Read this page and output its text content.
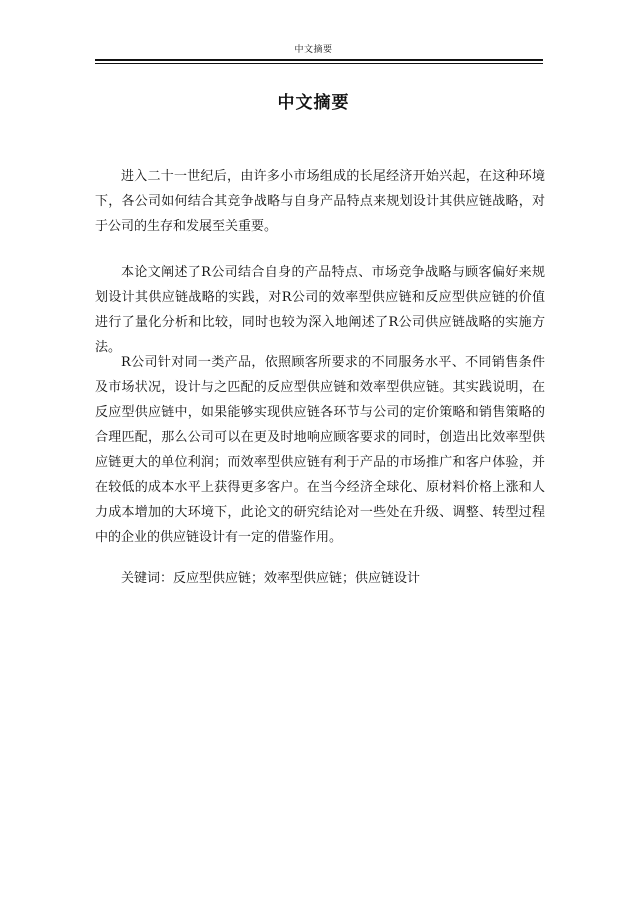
中文摘要
中文摘要

进入二十一世纪后，由许多小市场组成的长尾经济开始兴起，在这种环境下，各公司如何结合其竞争战略与自身产品特点来规划设计其供应链战略，对于公司的生存和发展至关重要。

本论文阐述了R公司结合自身的产品特点、市场竞争战略与顾客偏好来规划设计其供应链战略的实践，对R公司的效率型供应链和反应型供应链的价值进行了量化分析和比较，同时也较为深入地阐述了R公司供应链战略的实施方法。

R公司针对同一类产品，依照顾客所要求的不同服务水平、不同销售条件及市场状况，设计与之匹配的反应型供应链和效率型供应链。其实践说明，在反应型供应链中，如果能够实现供应链各环节与公司的定价策略和销售策略的合理匹配，那么公司可以在更及时地响应顾客要求的同时，创造出比效率型供应链更大的单位利润；而效率型供应链有利于产品的市场推广和客户体验，并在较低的成本水平上获得更多客户。在当今经济全球化、原材料价格上涨和人力成本增加的大环境下，此论文的研究结论对一些处在升级、调整、转型过程中的企业的供应链设计有一定的借鉴作用。

关键词：反应型供应链；效率型供应链；供应链设计
